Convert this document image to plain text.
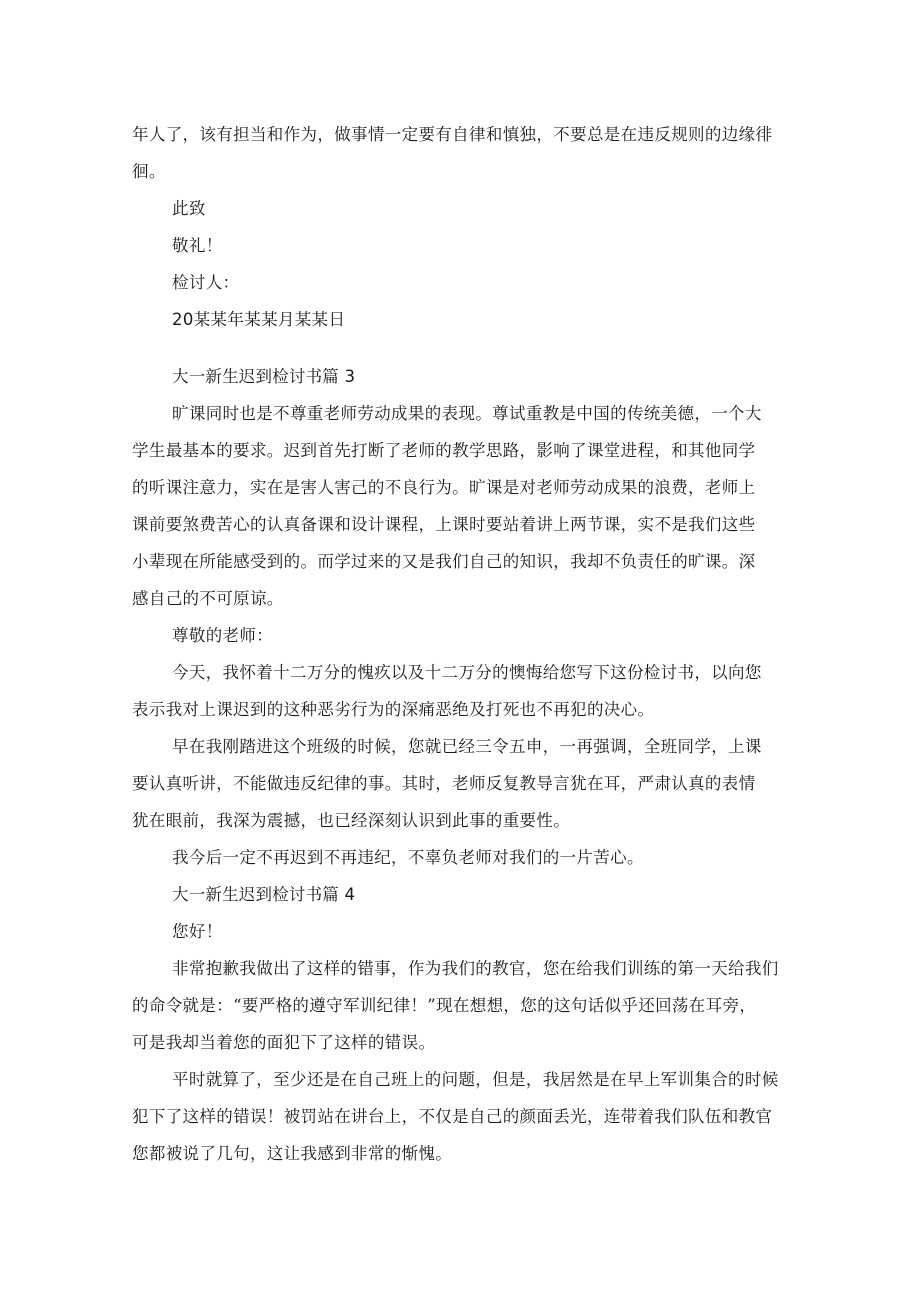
年人了，该有担当和作为，做事情一定要有自律和慎独，不要总是在违反规则的边缘徘
徊。
此致
敬礼！
检讨人：
20某某年某某月某某日
大一新生迟到检讨书篇 3
旷课同时也是不尊重老师劳动成果的表现。尊试重教是中国的传统美德，一个大
学生最基本的要求。迟到首先打断了老师的教学思路，影响了课堂进程，和其他同学
的听课注意力，实在是害人害己的不良行为。旷课是对老师劳动成果的浪费，老师上
课前要煞费苦心的认真备课和设计课程，上课时要站着讲上两节课，实不是我们这些
小辈现在所能感受到的。而学过来的又是我们自己的知识，我却不负责任的旷课。深
感自己的不可原谅。
尊敬的老师：
今天，我怀着十二万分的愧疚以及十二万分的懊悔给您写下这份检讨书，以向您
表示我对上课迟到的这种恶劣行为的深痛恶绝及打死也不再犯的决心。
早在我刚踏进这个班级的时候，您就已经三令五申，一再强调，全班同学，上课
要认真听讲，不能做违反纪律的事。其时，老师反复教导言犹在耳，严肃认真的表情
犹在眼前，我深为震撼，也已经深刻认识到此事的重要性。
我今后一定不再迟到不再违纪，不辜负老师对我们的一片苦心。
大一新生迟到检讨书篇 4
您好！
非常抱歉我做出了这样的错事，作为我们的教官，您在给我们训练的第一天给我们
的命令就是：“要严格的遵守军训纪律！”现在想想，您的这句话似乎还回荡在耳旁，
可是我却当着您的面犯下了这样的错误。
平时就算了，至少还是在自己班上的问题，但是，我居然是在早上军训集合的时候
犯下了这样的错误！被罚站在讲台上，不仅是自己的颜面丢光，连带着我们队伍和教官
您都被说了几句，这让我感到非常的惭愧。
